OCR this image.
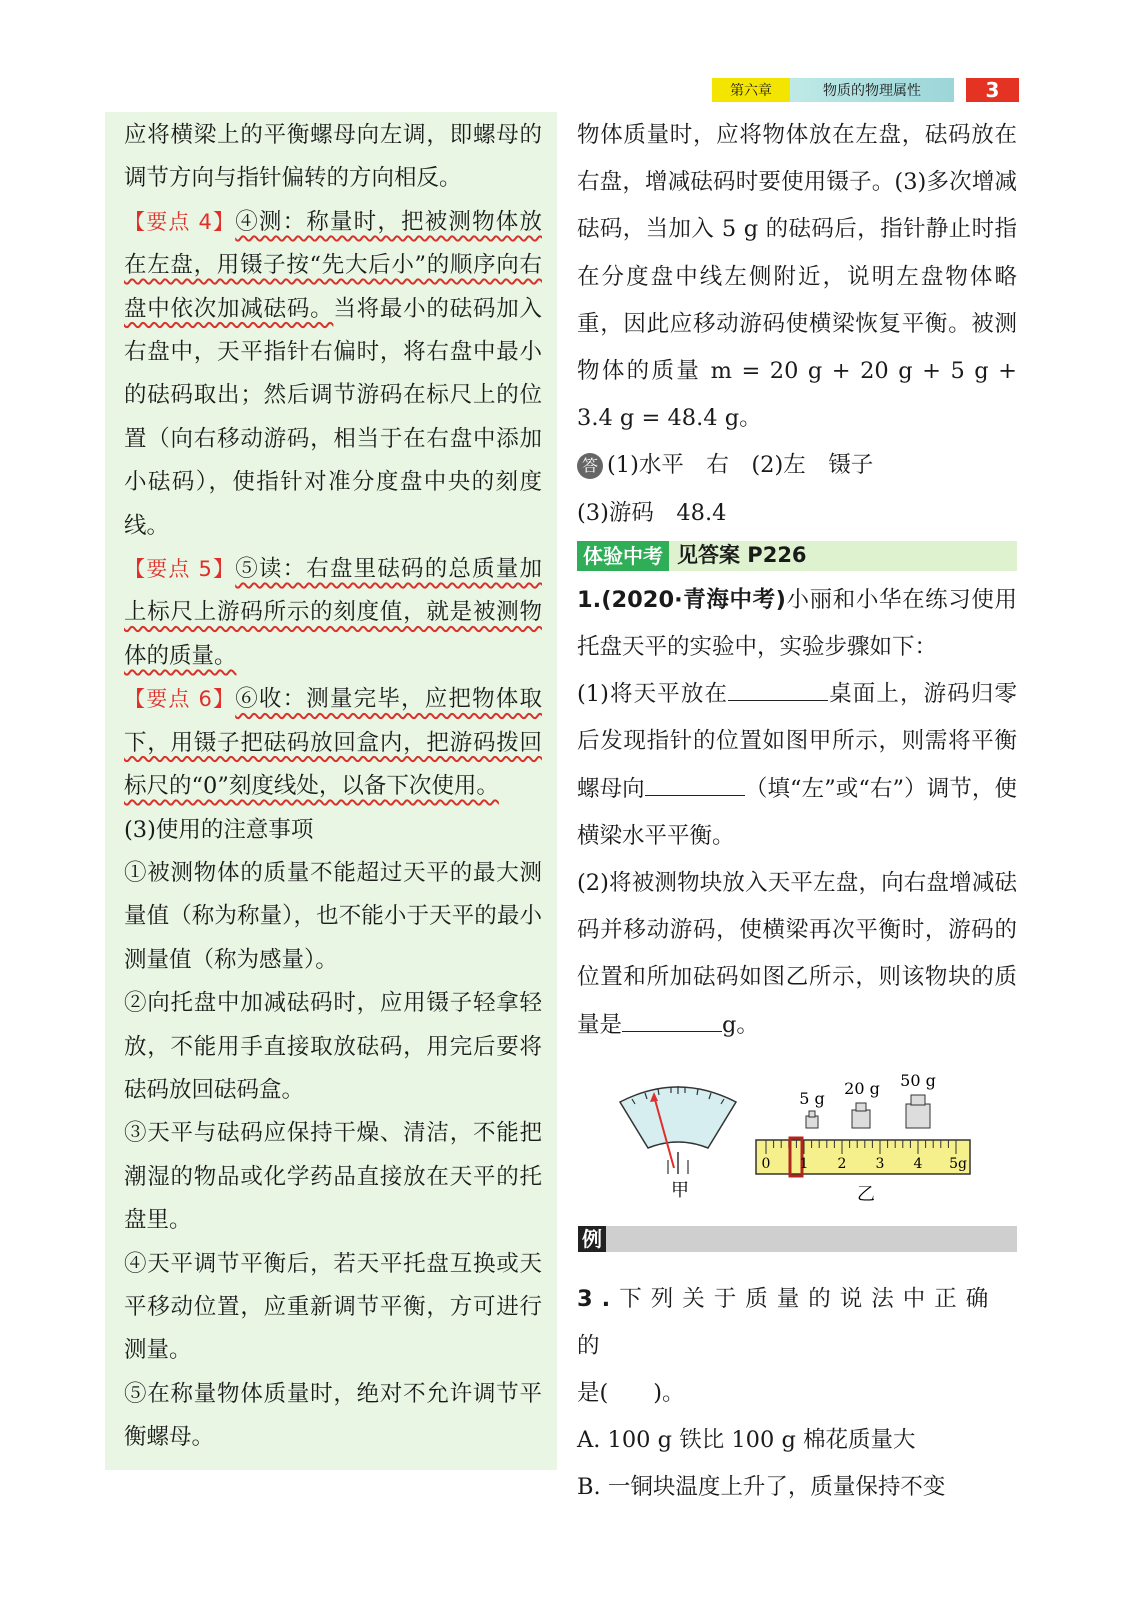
第六章	物质的物理属性	3

应将横梁上的平衡螺母向左调，即螺母的调节方向与指针偏转的方向相反。

【要点 4】④测：称量时，把被测物体放在左盘，用镊子按“先大后小”的顺序向右盘中依次加减砝码。当将最小的砝码加入右盘中，天平指针右偏时，将右盘中最小的砝码取出；然后调节游码在标尺上的位置（向右移动游码，相当于在右盘中添加小砝码），使指针对准分度盘中央的刻度线。

【要点 5】⑤读：右盘里砝码的总质量加上标尺上游码所示的刻度值，就是被测物体的质量。

【要点 6】⑥收：测量完毕，应把物体取下，用镊子把砝码放回盒内，把游码拨回标尺的“0”刻度线处，以备下次使用。

(3)使用的注意事项

①被测物体的质量不能超过天平的最大测量值（称为称量），也不能小于天平的最小测量值（称为感量）。

②向托盘中加减砝码时，应用镊子轻拿轻放，不能用手直接取放砝码，用完后要将砝码放回砝码盒。

③天平与砝码应保持干燥、清洁，不能把潮湿的物品或化学药品直接放在天平的托盘里。

④天平调节平衡后，若天平托盘互换或天平移动位置，应重新调节平衡，方可进行测量。

⑤在称量物体质量时，绝对不允许调节平衡螺母。

物体质量时，应将物体放在左盘，砝码放在右盘，增减砝码时要使用镊子。(3)多次增减砝码，当加入 5 g 的砝码后，指针静止时指在分度盘中线左侧附近，说明左盘物体略重，因此应移动游码使横梁恢复平衡。被测物体的质量 m = 20 g + 20 g + 5 g + 3.4 g = 48.4 g。

答 (1)水平　右　(2)左　镊子

(3)游码　48.4

体验中考 见答案 P226

1.(2020·青海中考)小丽和小华在练习使用托盘天平的实验中，实验步骤如下：

(1)将天平放在	桌面上，游码归零后发现指针的位置如图甲所示，则需将平衡螺母向	（填“左”或“右”）调节，使横梁水平平衡。

(2)将被测物块放入天平左盘，向右盘增减砝码并移动游码，使横梁再次平衡时，游码的位置和所加砝码如图乙所示，则该物块的质量是	g。

甲
5 g
20 g 50 g
0 1 2 3 4 5g
乙
例

3.下列关于质量的说法中正确的

是(　　)。

A. 100 g 铁比 100 g 棉花质量大

B. 一铜块温度上升了，质量保持不变
